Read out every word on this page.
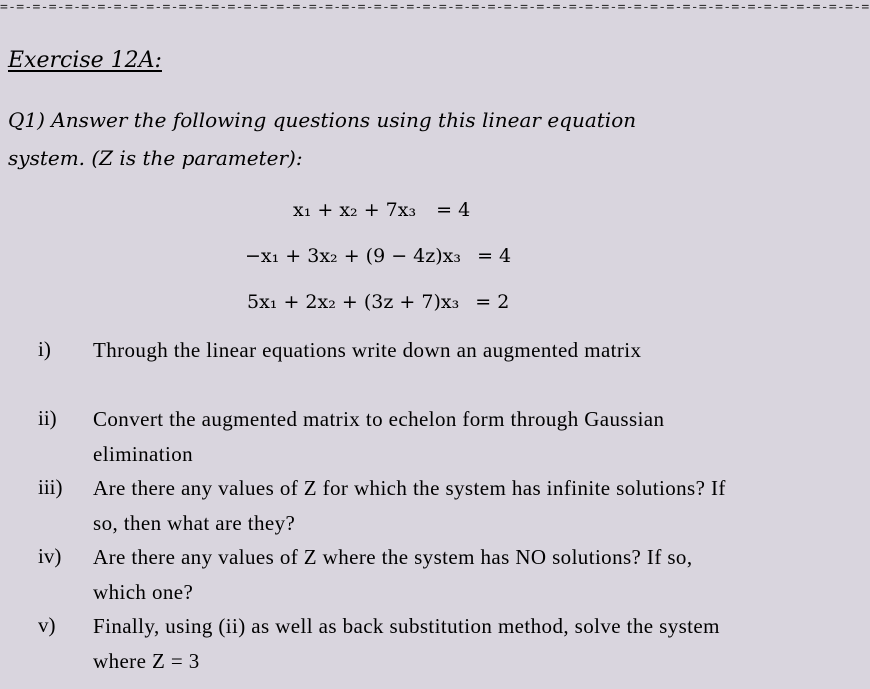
=-=-=-=-=-=-=-=-=-=-=-=-=-=-=-=-=-=-=-=-=-=-=-=-=-=-=-=-=-=-=-=-=-=-=-=-=-=-=-=-=-=-=-=-=-=-=-=-=-=-=-=-=-=
Exercise 12A:
Q1) Answer the following questions using this linear equation
system. (Z is the parameter):
x₁ + x₂ + 7x₃ = 4
−x₁ + 3x₂ + (9 − 4z)x₃ = 4
5x₁ + 2x₂ + (3z + 7)x₃ = 2
i) Through the linear equations write down an augmented matrix
ii) Convert the augmented matrix to echelon form through Gaussian elimination
iii) Are there any values of Z for which the system has infinite solutions? If so, then what are they?
iv) Are there any values of Z where the system has NO solutions? If so, which one?
v) Finally, using (ii) as well as back substitution method, solve the system where Z = 3
